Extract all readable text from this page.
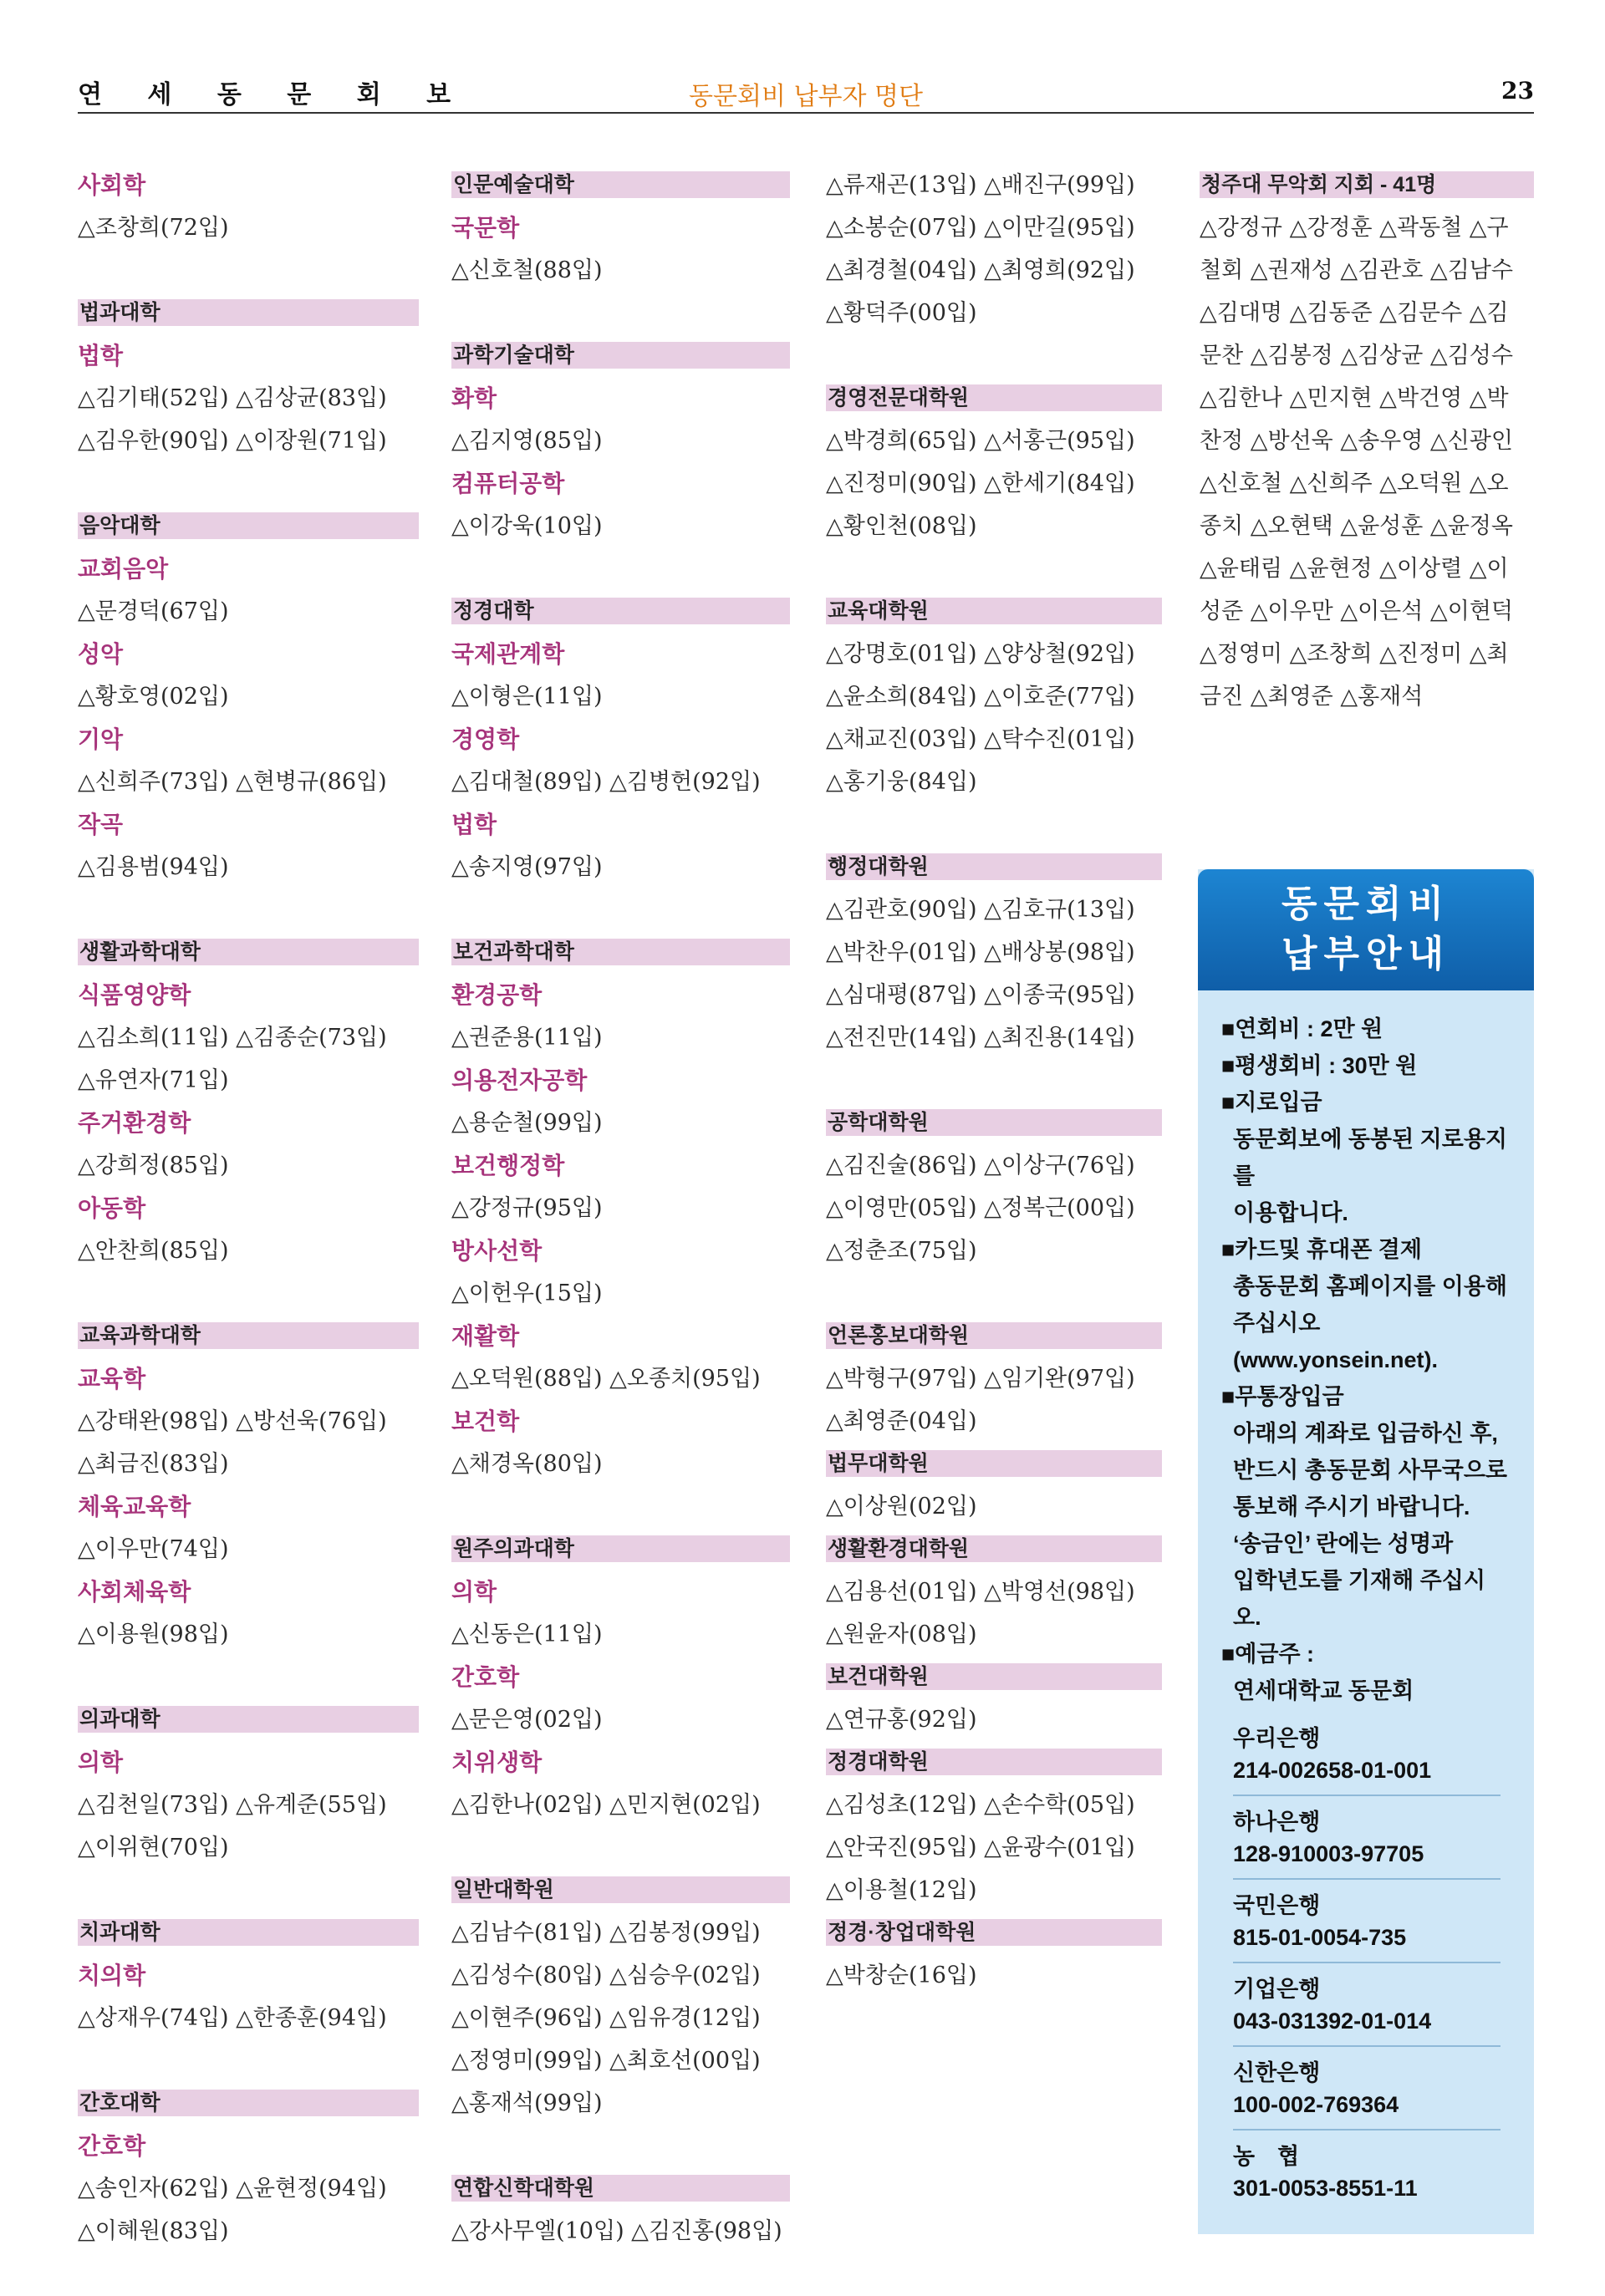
연 세 동 문 회 보	동문회비 납부자 명단	23
사회학
△조창희(72입)
법과대학
법학
△김기태(52입) △김상균(83입)
△김우한(90입) △이장원(71입)
음악대학
교회음악
△문경덕(67입)
성악
△황호영(02입)
기악
△신희주(73입) △현병규(86입)
작곡
△김용범(94입)
생활과학대학
식품영양학
△김소희(11입) △김종순(73입)
△유연자(71입)
주거환경학
△강희정(85입)
아동학
△안찬희(85입)
교육과학대학
교육학
△강태완(98입) △방선욱(76입)
△최금진(83입)
체육교육학
△이우만(74입)
사회체육학
△이용원(98입)
의과대학
의학
△김천일(73입) △유계준(55입)
△이위현(70입)
치과대학
치의학
△상재우(74입) △한종훈(94입)
간호대학
간호학
△송인자(62입) △윤현정(94입)
△이혜원(83입)
인문예술대학
국문학
△신호철(88입)
과학기술대학
화학
△김지영(85입)
컴퓨터공학
△이강욱(10입)
정경대학
국제관계학
△이형은(11입)
경영학
△김대철(89입) △김병헌(92입)
법학
△송지영(97입)
보건과학대학
환경공학
△권준용(11입)
의용전자공학
△용순철(99입)
보건행정학
△강정규(95입)
방사선학
△이헌우(15입)
재활학
△오덕원(88입) △오종치(95입)
보건학
△채경옥(80입)
원주의과대학
의학
△신동은(11입)
간호학
△문은영(02입)
치위생학
△김한나(02입) △민지현(02입)
일반대학원
△김남수(81입) △김봉정(99입)
△김성수(80입) △심승우(02입)
△이현주(96입) △임유경(12입)
△정영미(99입) △최호선(00입)
△홍재석(99입)
연합신학대학원
△강사무엘(10입) △김진홍(98입)
△류재곤(13입) △배진구(99입)
△소봉순(07입) △이만길(95입)
△최경철(04입) △최영희(92입)
△황덕주(00입)
경영전문대학원
△박경희(65입) △서홍근(95입)
△진정미(90입) △한세기(84입)
△황인천(08입)
교육대학원
△강명호(01입) △양상철(92입)
△윤소희(84입) △이호준(77입)
△채교진(03입) △탁수진(01입)
△홍기웅(84입)
행정대학원
△김관호(90입) △김호규(13입)
△박찬우(01입) △배상봉(98입)
△심대평(87입) △이종국(95입)
△전진만(14입) △최진용(14입)
공학대학원
△김진술(86입) △이상구(76입)
△이영만(05입) △정복근(00입)
△정춘조(75입)
언론홍보대학원
△박형구(97입) △임기완(97입)
△최영준(04입)
법무대학원
△이상원(02입)
생활환경대학원
△김용선(01입) △박영선(98입)
△원윤자(08입)
보건대학원
△연규홍(92입)
정경대학원
△김성초(12입) △손수학(05입)
△안국진(95입) △윤광수(01입)
△이용철(12입)
정경·창업대학원
△박창순(16입)
청주대 무악회 지회 - 41명
△강정규 △강정훈 △곽동철 △구
철회 △권재성 △김관호 △김남수
△김대명 △김동준 △김문수 △김
문찬 △김봉정 △김상균 △김성수
△김한나 △민지현 △박건영 △박
찬정 △방선욱 △송우영 △신광인
△신호철 △신희주 △오덕원 △오
종치 △오현택 △윤성훈 △윤정옥
△윤태림 △윤현정 △이상렬 △이
성준 △이우만 △이은석 △이현덕
△정영미 △조창희 △진정미 △최
금진 △최영준 △홍재석
동문회비
납부안내
■연회비 : 2만 원
■평생회비 : 30만 원
■지로입금
동문회보에 동봉된 지로용지를
이용합니다.
■카드및 휴대폰 결제
총동문회 홈페이지를 이용해
주십시오
(www.yonsein.net).
■무통장입금
아래의 계좌로 입금하신 후,
반드시 총동문회 사무국으로
통보해 주시기 바랍니다.
‘송금인’ 란에는 성명과
입학년도를 기재해 주십시오.
■예금주 :
연세대학교 동문회
우리은행
214-002658-01-001
하나은행
128-910003-97705
국민은행
815-01-0054-735
기업은행
043-031392-01-014
신한은행
100-002-769364
농　협
301-0053-8551-11
